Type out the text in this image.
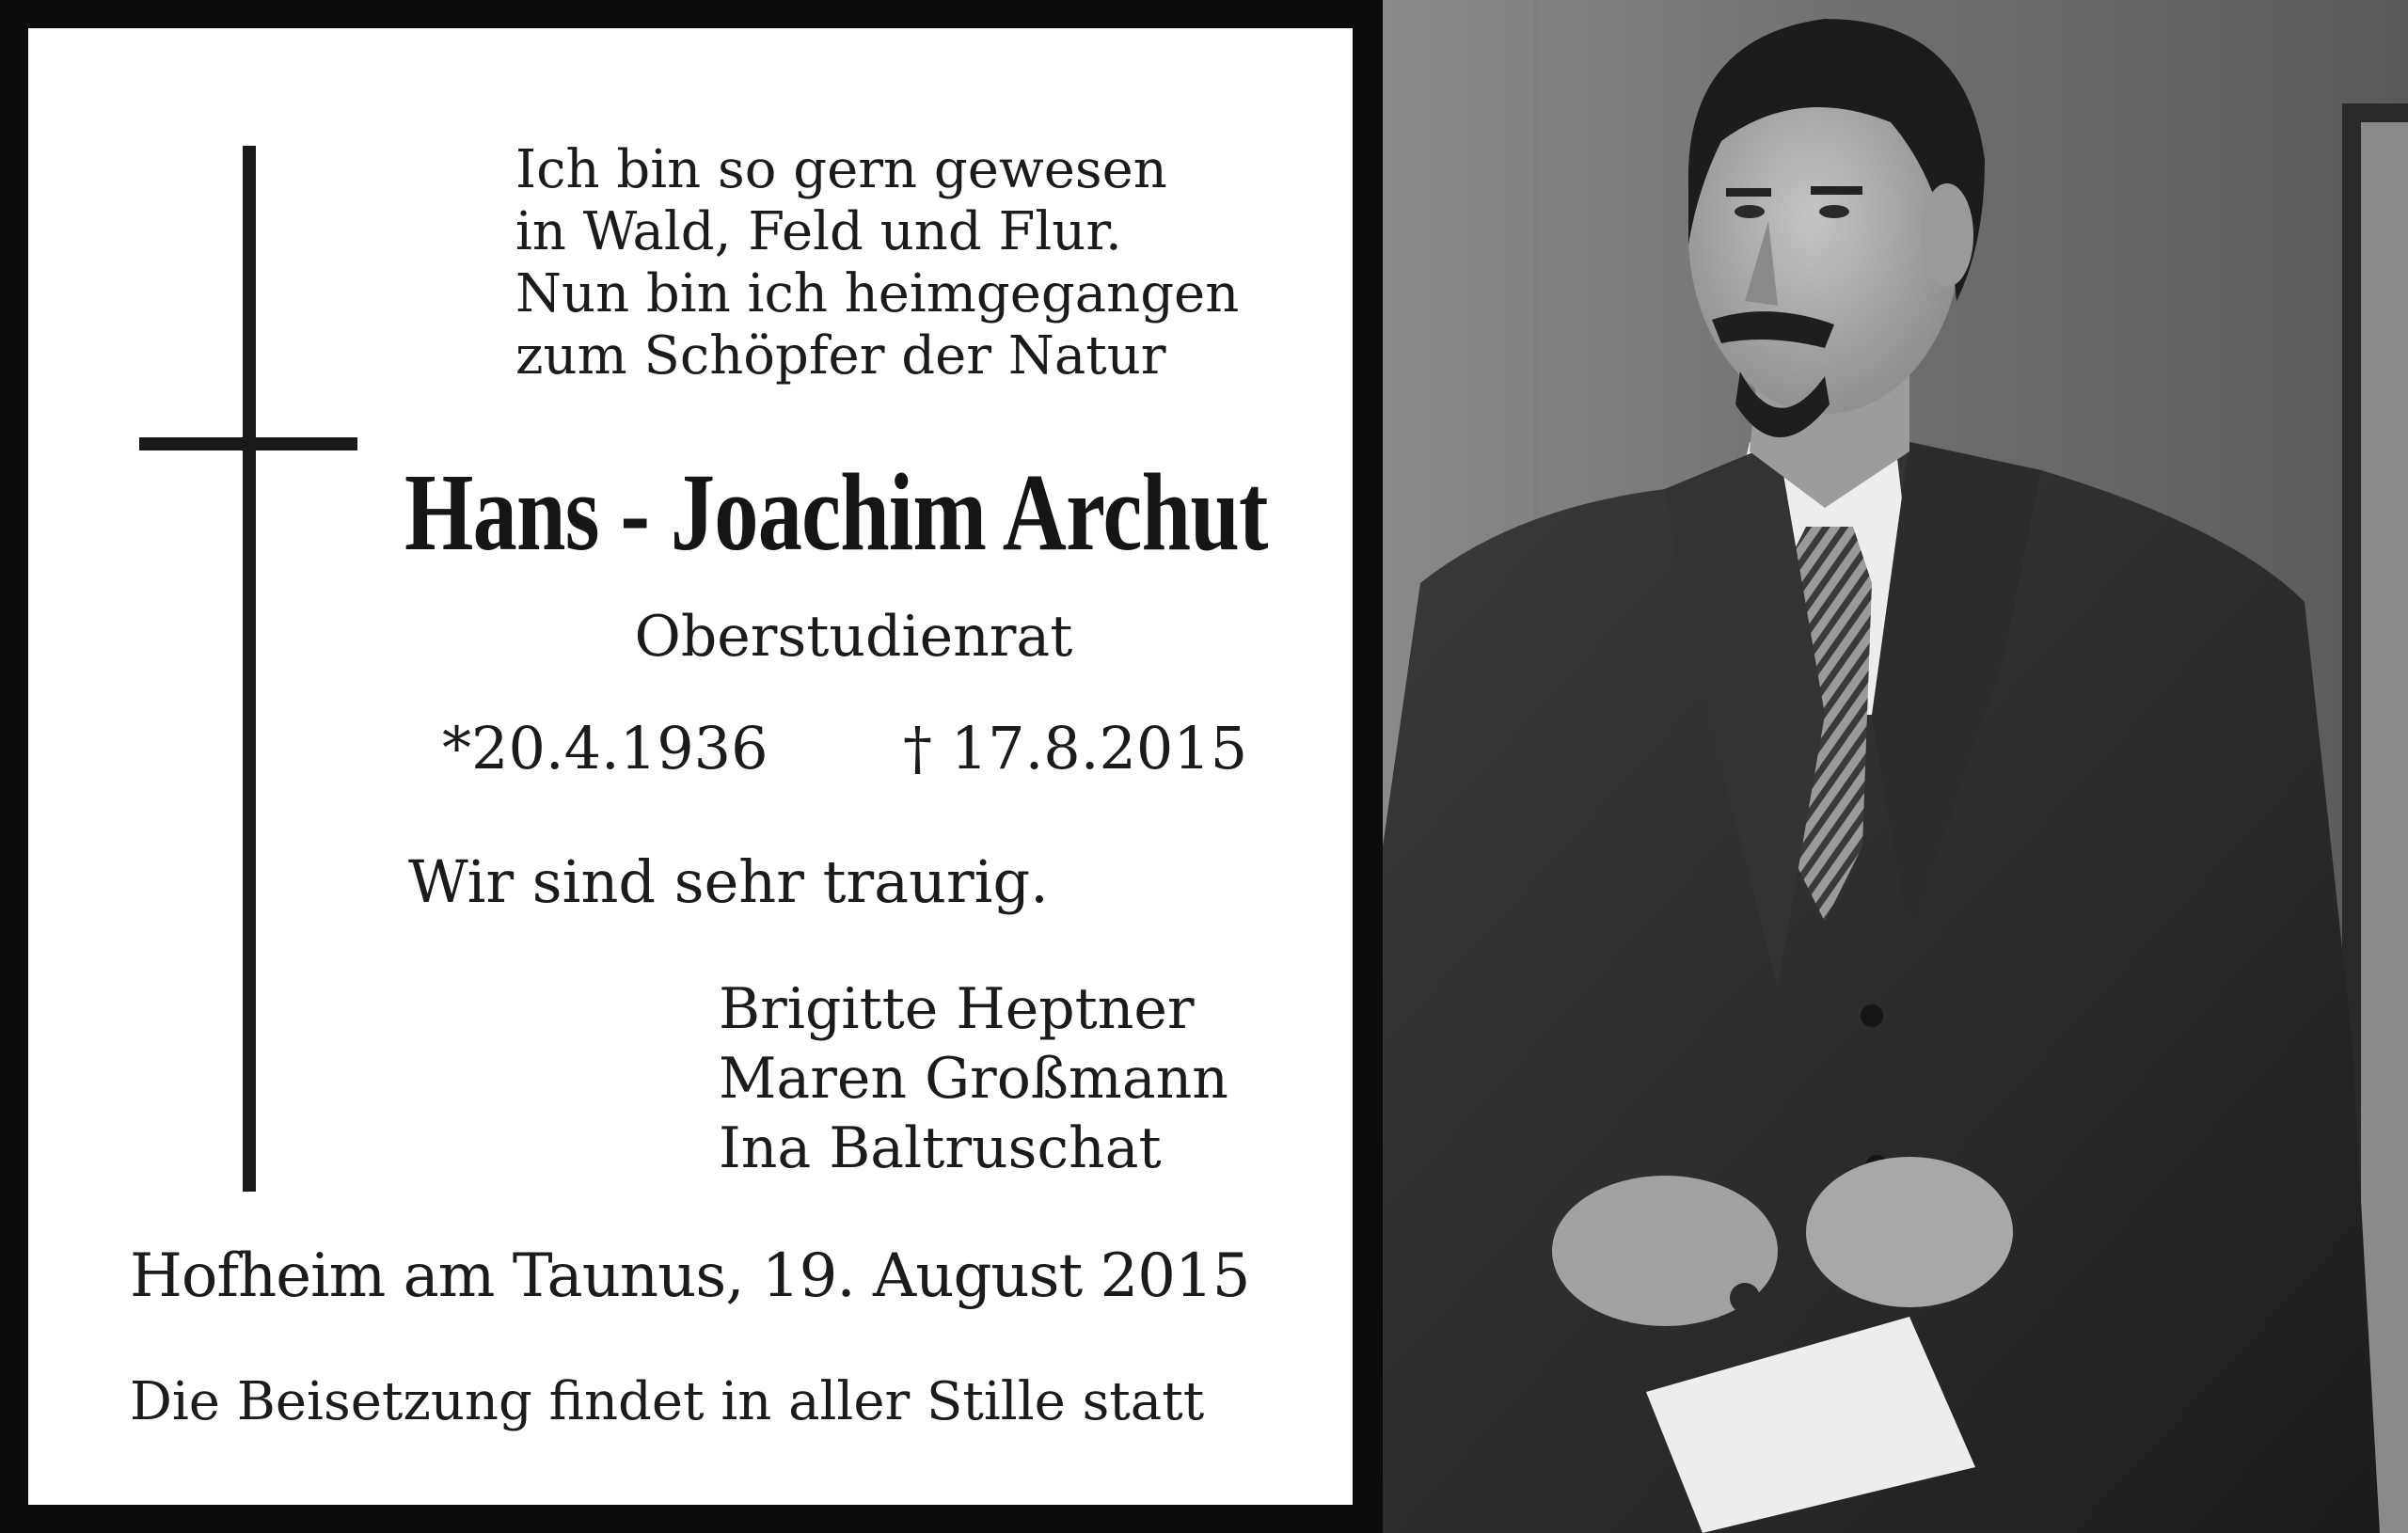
Ich bin so gern gewesen
in Wald, Feld und Flur.
Nun bin ich heimgegangen
zum Schöpfer der Natur
Hans - Joachim Archut
Oberstudienrat
*20.4.1936 † 17.8.2015
Wir sind sehr traurig.
Brigitte Heptner
Maren Großmann
Ina Baltruschat
Hofheim am Taunus, 19. August 2015
Die Beisetzung findet in aller Stille statt
